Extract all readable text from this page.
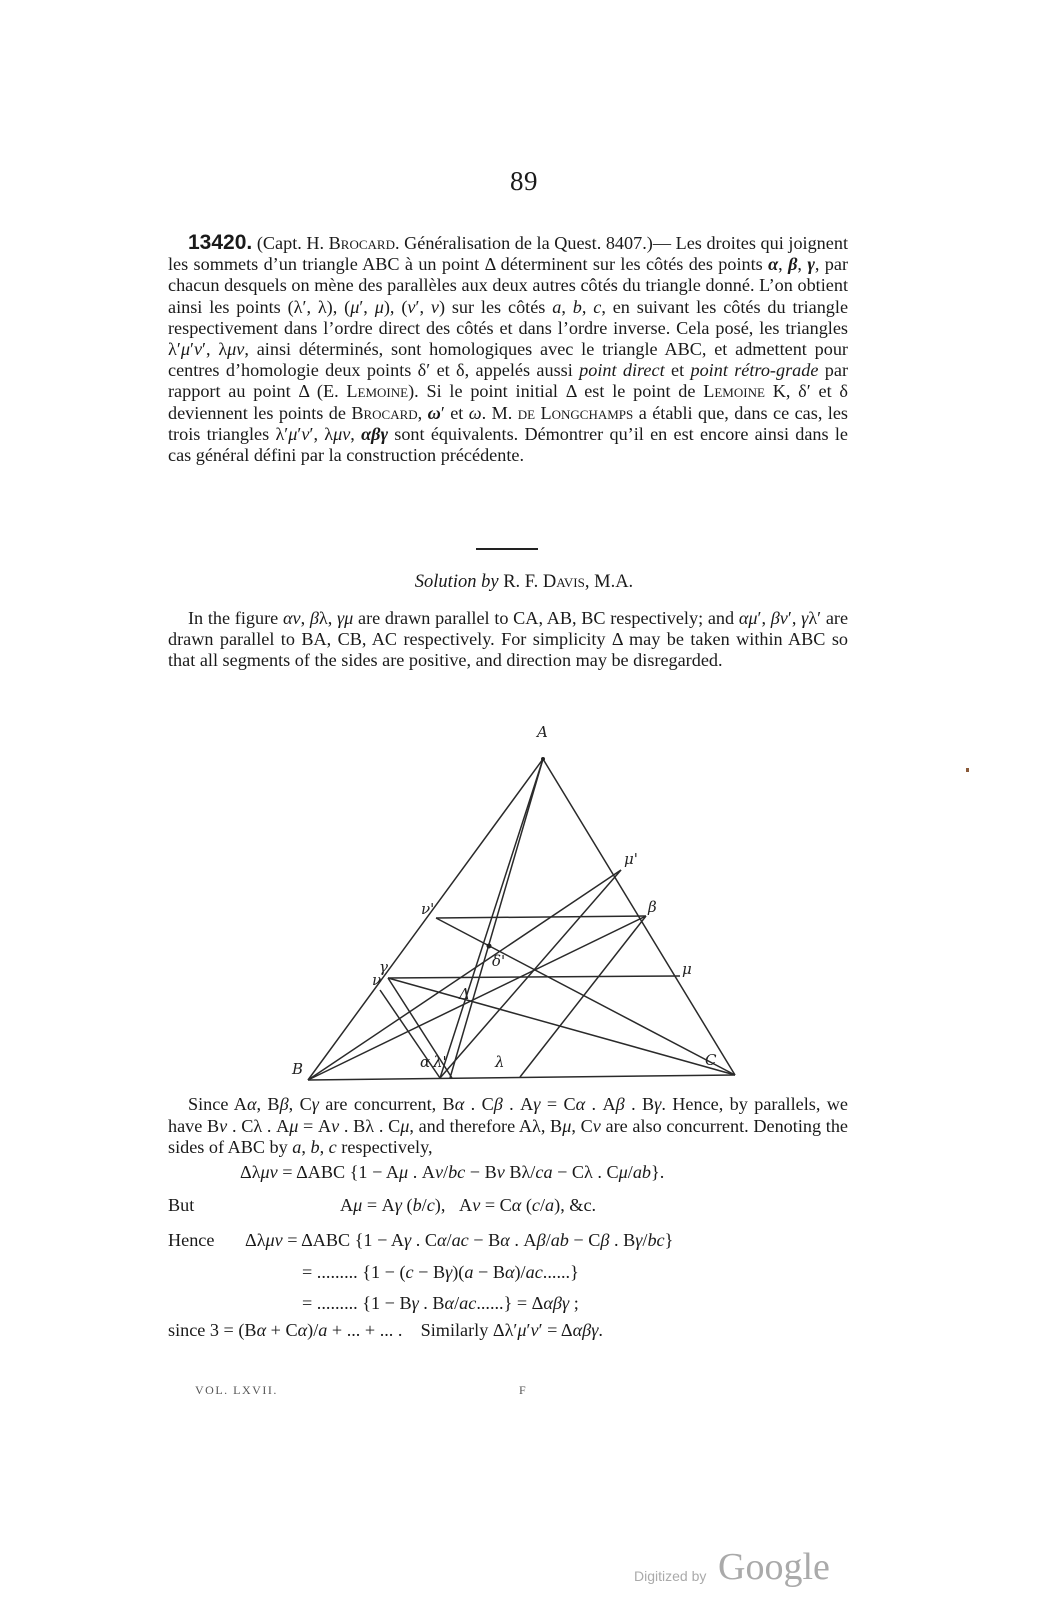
89
13420. (Capt. H. Brocard. Généralisation de la Quest. 8407.)— Les droites qui joignent les sommets d’un triangle ABC à un point Δ déterminent sur les côtés des points α, β, γ, par chacun desquels on mène des parallèles aux deux autres côtés du triangle donné. L’on obtient ainsi les points (λ′, λ), (μ′, μ), (ν′, ν) sur les côtés a, b, c, en suivant les côtés du triangle respectivement dans l’ordre direct des côtés et dans l’ordre inverse. Cela posé, les triangles λ′μ′ν′, λμν, ainsi déterminés, sont homologiques avec le triangle ABC, et admettent pour centres d’homologie deux points δ′ et δ, appelés aussi point direct et point rétro-grade par rapport au point Δ (E. Lemoine). Si le point initial Δ est le point de Lemoine K, δ′ et δ deviennent les points de Brocard, ω′ et ω. M. de Longchamps a établi que, dans ce cas, les trois triangles λ′μ′ν′, λμν, αβγ sont équivalents. Démontrer qu’il en est encore ainsi dans le cas général défini par la construction précédente.
Solution by R. F. Davis, M.A.
In the figure αν, βλ, γμ are drawn parallel to CA, AB, BC respectively; and αμ′, βν′, γλ′ are drawn parallel to BA, CB, AC respectively. For simplicity Δ may be taken within ABC so that all segments of the sides are positive, and direction may be disregarded.
A
B	C
μ'
β
ν'
δ'
γ
ν
Δ
μ
α λ'	λ
Since Aα, Bβ, Cγ are concurrent, Bα . Cβ . Aγ = Cα . Aβ . Bγ. Hence, by parallels, we have Bν . Cλ . Aμ = Aν . Bλ . Cμ, and therefore Aλ, Bμ, Cν are also concurrent. Denoting the sides of ABC by a, b, c respectively,
Δλμν = ΔABC {1 − Aμ . Aν/bc − Bν Bλ/ca − Cλ . Cμ/ab}.
But	Aμ = Aγ (b/c),   Aν = Cα (c/a), &c.
Hence Δλμν = ΔABC {1 − Aγ . Cα/ac − Bα . Aβ/ab − Cβ . Bγ/bc}
= ......... {1 − (c − Bγ)(a − Bα)/ac......}
= ......... {1 − Bγ . Bα/ac......} = Δαβγ ;
since 3 = (Bα + Cα)/a + ... + ... .    Similarly Δλ′μ′ν′ = Δαβγ.
VOL. LXVII.	F
Digitized by Google
